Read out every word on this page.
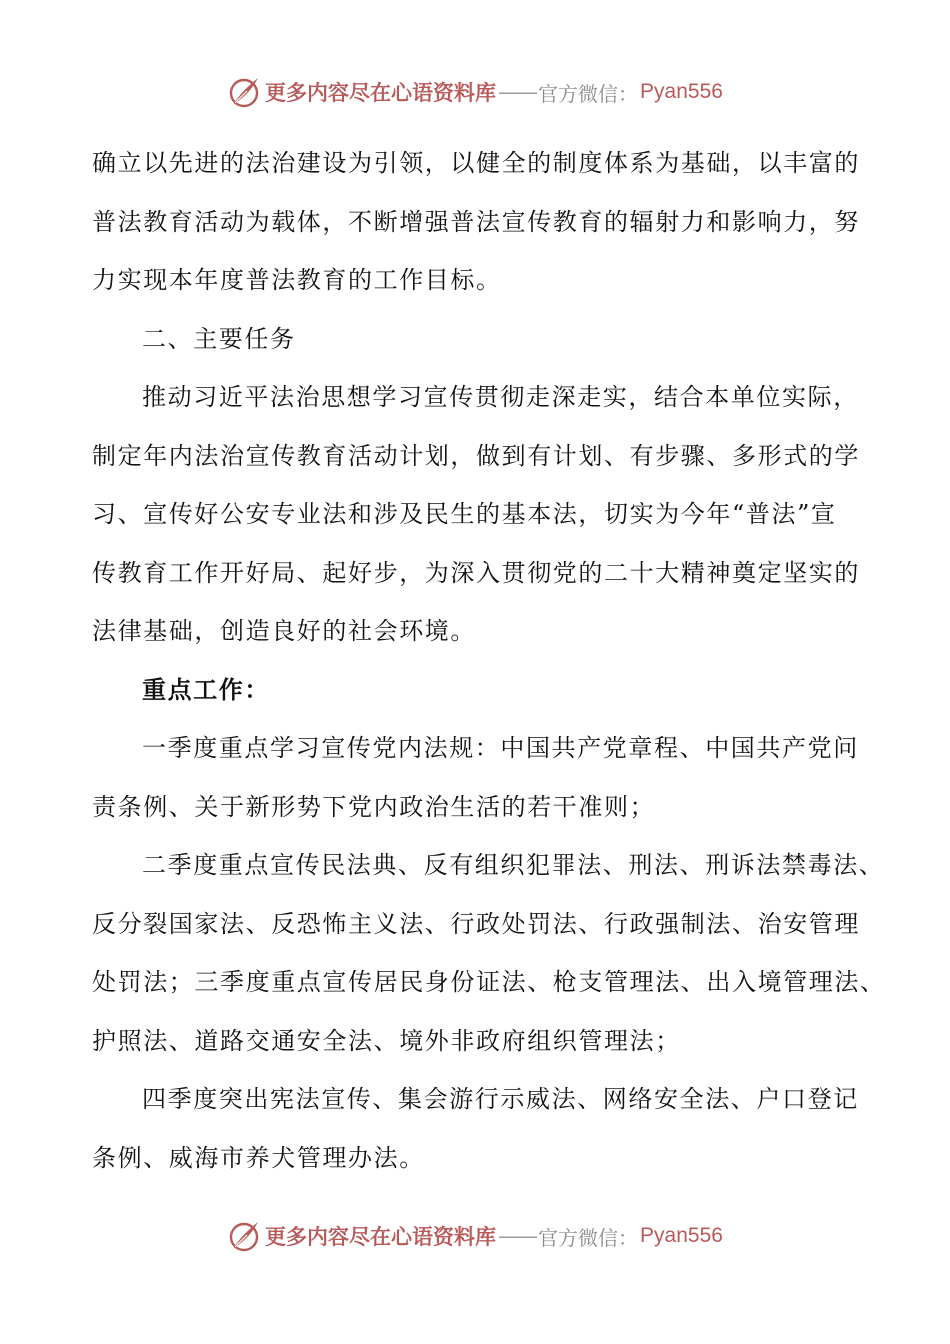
更多内容尽在心语资料库 —— 官方微信： Pyan556
确立以先进的法治建设为引领，以健全的制度体系为基础，以丰富的
普法教育活动为载体，不断增强普法宣传教育的辐射力和影响力，努
力实现本年度普法教育的工作目标。
二、主要任务
推动习近平法治思想学习宣传贯彻走深走实，结合本单位实际，
制定年内法治宣传教育活动计划，做到有计划、有步骤、多形式的学
习、宣传好公安专业法和涉及民生的基本法，切实为今年“普法”宣
传教育工作开好局、起好步，为深入贯彻党的二十大精神奠定坚实的
法律基础，创造良好的社会环境。
重点工作：
一季度重点学习宣传党内法规：中国共产党章程、中国共产党问
责条例、关于新形势下党内政治生活的若干准则；
二季度重点宣传民法典、反有组织犯罪法、刑法、刑诉法禁毒法、
反分裂国家法、反恐怖主义法、行政处罚法、行政强制法、治安管理
处罚法；三季度重点宣传居民身份证法、枪支管理法、出入境管理法、
护照法、道路交通安全法、境外非政府组织管理法；
四季度突出宪法宣传、集会游行示威法、网络安全法、户口登记
条例、威海市养犬管理办法。
更多内容尽在心语资料库 —— 官方微信： Pyan556
